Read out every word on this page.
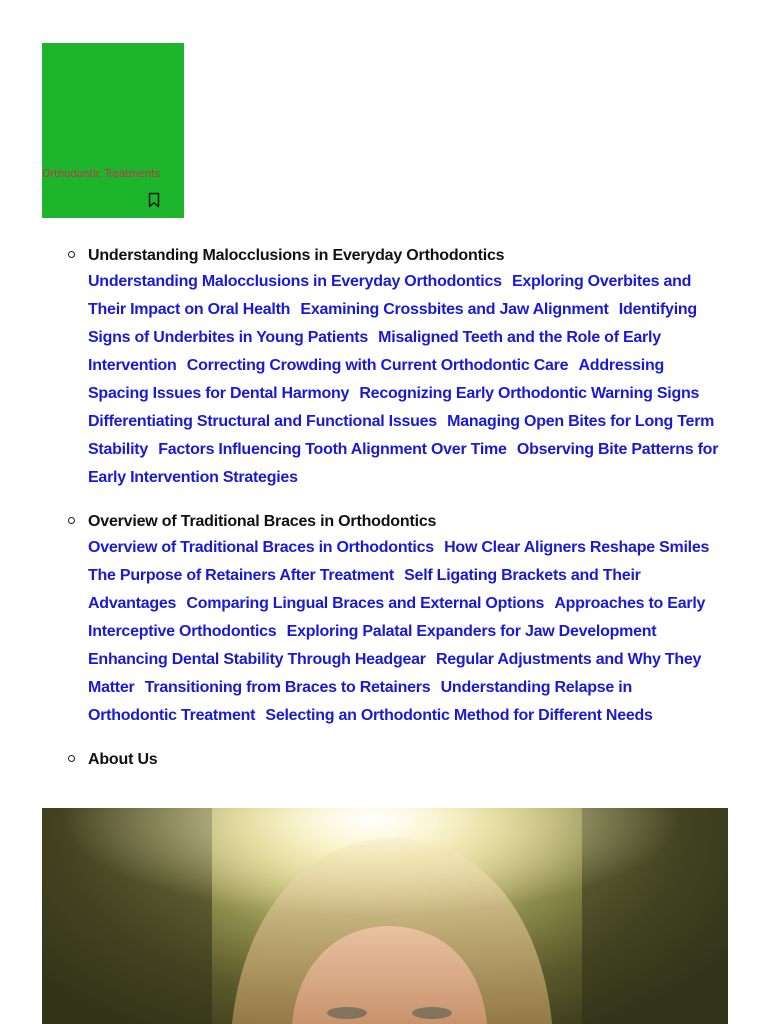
Orthodontic Treatments
Understanding Malocclusions in Everyday Orthodontics
Understanding Malocclusions in Everyday Orthodontics Exploring Overbites and Their Impact on Oral Health Examining Crossbites and Jaw Alignment Identifying Signs of Underbites in Young Patients Misaligned Teeth and the Role of Early Intervention Correcting Crowding with Current Orthodontic Care Addressing Spacing Issues for Dental Harmony Recognizing Early Orthodontic Warning Signs Differentiating Structural and Functional Issues Managing Open Bites for Long Term Stability Factors Influencing Tooth Alignment Over Time Observing Bite Patterns for Early Intervention Strategies
Overview of Traditional Braces in Orthodontics
Overview of Traditional Braces in Orthodontics How Clear Aligners Reshape Smiles The Purpose of Retainers After Treatment Self Ligating Brackets and Their Advantages Comparing Lingual Braces and External Options Approaches to Early Interceptive Orthodontics Exploring Palatal Expanders for Jaw Development Enhancing Dental Stability Through Headgear Regular Adjustments and Why They Matter Transitioning from Braces to Retainers Understanding Relapse in Orthodontic Treatment Selecting an Orthodontic Method for Different Needs
About Us
